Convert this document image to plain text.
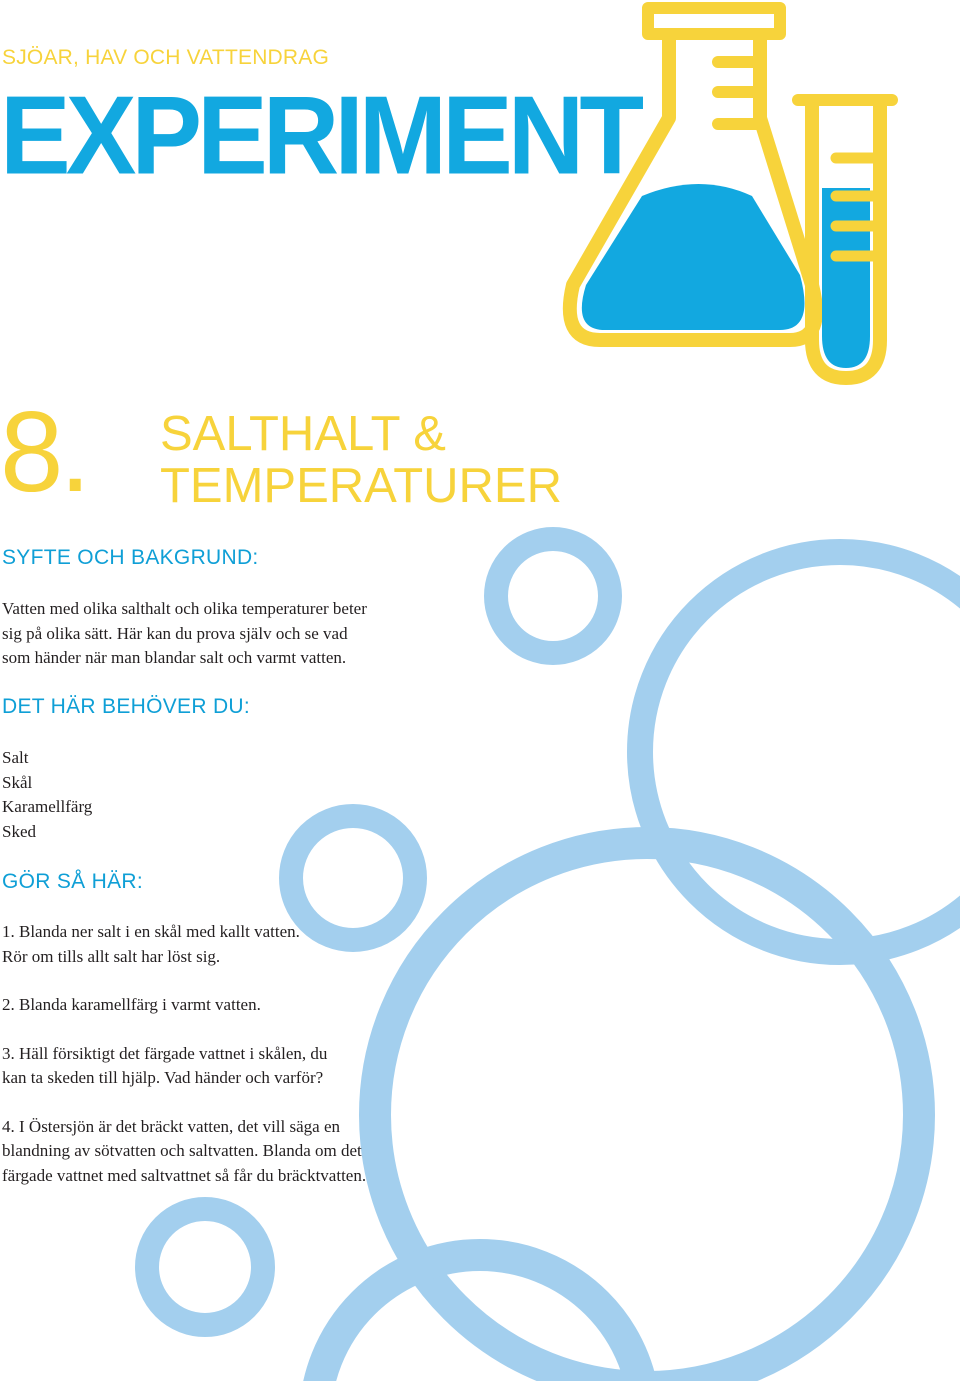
SJÖAR, HAV OCH VATTENDRAG

EXPERIMENT

8. SALTHALT &
TEMPERATURER
SYFTE OCH BAKGRUND:

Vatten med olika salthalt och olika temperaturer beter
sig på olika sätt. Här kan du prova själv och se vad
som händer när man blandar salt och varmt vatten.

DET HÄR BEHÖVER DU:
Salt
Skål
Karamellfärg
Sked
GÖR SÅ HÄR:
1. Blanda ner salt i en skål med kallt vatten.
Rör om tills allt salt har löst sig.
2. Blanda karamellfärg i varmt vatten.
3. Häll försiktigt det färgade vattnet i skålen, du
kan ta skeden till hjälp. Vad händer och varför?
4. I Östersjön är det bräckt vatten, det vill säga en
blandning av sötvatten och saltvatten. Blanda om det
färgade vattnet med saltvattnet så får du bräcktvatten.
